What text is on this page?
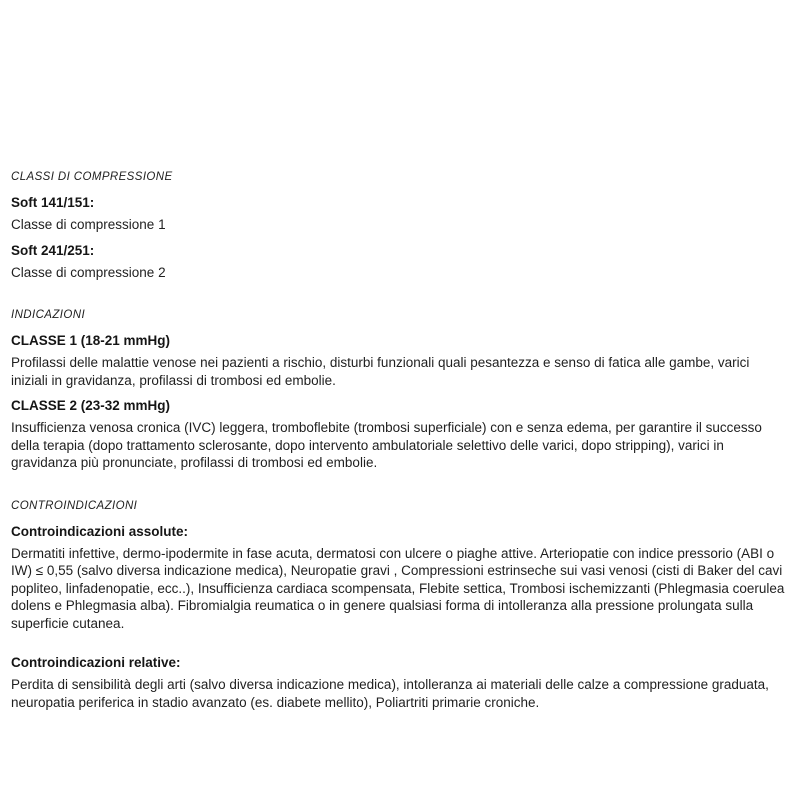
CLASSI DI COMPRESSIONE

Soft 141/151:

Classe di compressione 1

Soft 241/251:

Classe di compressione 2

INDICAZIONI

CLASSE 1 (18-21 mmHg)

Profilassi delle malattie venose nei pazienti a rischio, disturbi funzionali quali pesantezza e senso di fatica alle gambe, varici iniziali in gravidanza, profilassi di trombosi ed embolie.

CLASSE 2 (23-32 mmHg)

Insufficienza venosa cronica (IVC) leggera, tromboflebite (trombosi superficiale) con e senza edema, per garantire il successo della terapia (dopo trattamento sclerosante, dopo intervento ambulatoriale selettivo delle varici, dopo stripping), varici in gravidanza più pronunciate, profilassi di trombosi ed embolie.

CONTROINDICAZIONI

Controindicazioni assolute:

Dermatiti infettive, dermo-ipodermite in fase acuta, dermatosi con ulcere o piaghe attive. Arteriopatie con indice pressorio (ABI o IW) ≤ 0,55 (salvo diversa indicazione medica), Neuropatie gravi , Compressioni estrinseche sui vasi venosi (cisti di Baker del cavi popliteo, linfadenopatie, ecc..), Insufficienza cardiaca scompensata, Flebite settica, Trombosi ischemizzanti (Phlegmasia coerulea dolens e Phlegmasia alba). Fibromialgia reumatica o in genere qualsiasi forma di intolleranza alla pressione prolungata sulla superficie cutanea.

Controindicazioni relative:

Perdita di sensibilità degli arti (salvo diversa indicazione medica), intolleranza ai materiali delle calze a compressione graduata, neuropatia periferica in stadio avanzato (es. diabete mellito), Poliartriti primarie croniche.
